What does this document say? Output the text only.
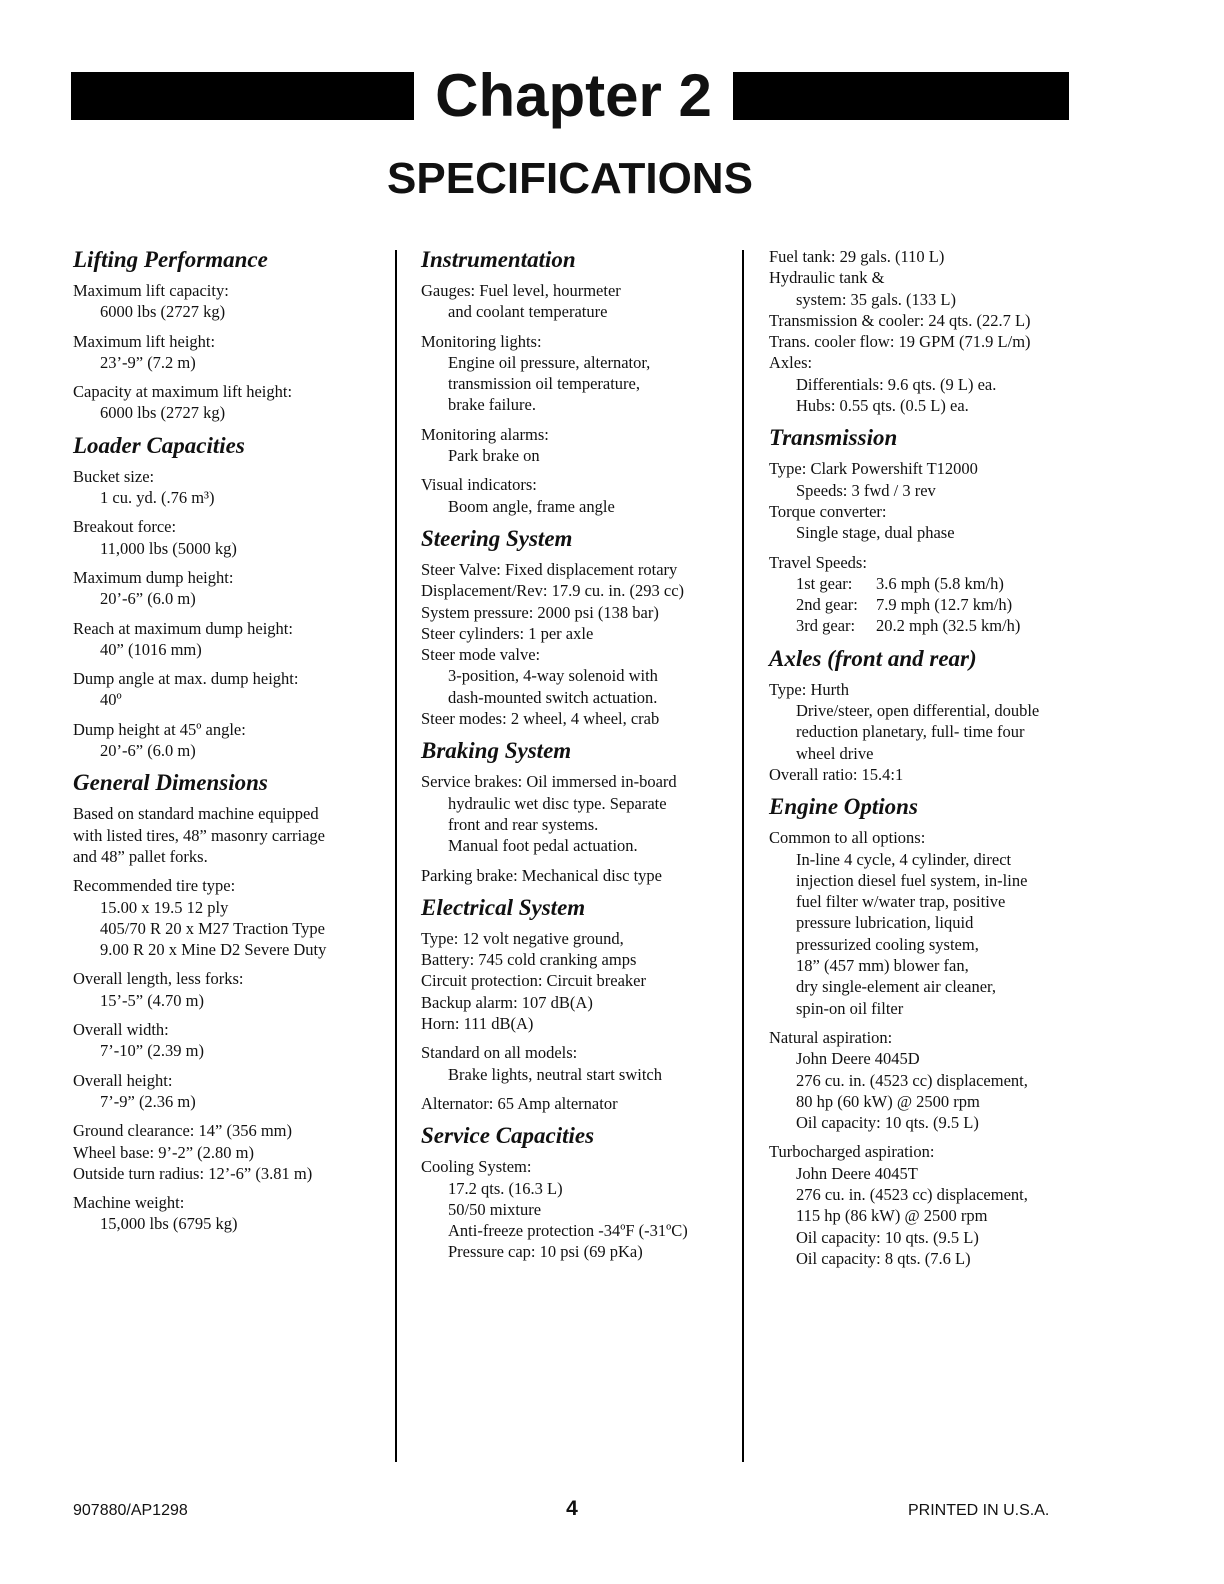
Chapter 2
SPECIFICATIONS
Lifting Performance
Maximum lift capacity:
6000 lbs (2727 kg)
Maximum lift height:
23’-9” (7.2 m)
Capacity at maximum lift height:
6000 lbs (2727 kg)
Loader Capacities
Bucket size:
1 cu. yd. (.76 m³)
Breakout force:
11,000 lbs (5000 kg)
Maximum dump height:
20’-6” (6.0 m)
Reach at maximum dump height:
40” (1016 mm)
Dump angle at max. dump height:
40º
Dump height at 45º angle:
20’-6” (6.0 m)
General Dimensions
Based on standard machine equipped
with listed tires, 48” masonry carriage
and 48” pallet forks.
Recommended tire type:
15.00 x 19.5 12 ply
405/70 R 20 x M27 Traction Type
9.00 R 20 x Mine D2 Severe Duty
Overall length, less forks:
15’-5” (4.70 m)
Overall width:
7’-10” (2.39 m)
Overall height:
7’-9” (2.36 m)
Ground clearance: 14” (356 mm)
Wheel base: 9’-2” (2.80 m)
Outside turn radius: 12’-6” (3.81 m)
Machine weight:
15,000 lbs (6795 kg)
Instrumentation
Gauges: Fuel level, hourmeter
and coolant temperature
Monitoring lights:
Engine oil pressure, alternator,
transmission oil temperature,
brake failure.
Monitoring alarms:
Park brake on
Visual indicators:
Boom angle, frame angle
Steering System
Steer Valve: Fixed displacement rotary
Displacement/Rev: 17.9 cu. in. (293 cc)
System pressure: 2000 psi (138 bar)
Steer cylinders: 1 per axle
Steer mode valve:
3-position, 4-way solenoid with
dash-mounted switch actuation.
Steer modes: 2 wheel, 4 wheel, crab
Braking System
Service brakes: Oil immersed in-board
hydraulic wet disc type. Separate
front and rear systems.
Manual foot pedal actuation.
Parking brake: Mechanical disc type
Electrical System
Type: 12 volt negative ground,
Battery: 745 cold cranking amps
Circuit protection: Circuit breaker
Backup alarm: 107 dB(A)
Horn: 111 dB(A)
Standard on all models:
Brake lights, neutral start switch
Alternator: 65 Amp alternator
Service Capacities
Cooling System:
17.2 qts. (16.3 L)
50/50 mixture
Anti-freeze protection -34ºF (-31ºC)
Pressure cap: 10 psi (69 pKa)
Fuel tank: 29 gals. (110 L)
Hydraulic tank &
system: 35 gals. (133 L)
Transmission & cooler: 24 qts. (22.7 L)
Trans. cooler flow: 19 GPM (71.9 L/m)
Axles:
Differentials: 9.6 qts. (9 L) ea.
Hubs: 0.55 qts. (0.5 L) ea.
Transmission
Type: Clark Powershift T12000
Speeds: 3 fwd / 3 rev
Torque converter:
Single stage, dual phase
Travel Speeds:
1st gear: 3.6 mph (5.8 km/h)
2nd gear: 7.9 mph (12.7 km/h)
3rd gear: 20.2 mph (32.5 km/h)
Axles (front and rear)
Type: Hurth
Drive/steer, open differential, double
reduction planetary, full- time four
wheel drive
Overall ratio: 15.4:1
Engine Options
Common to all options:
In-line 4 cycle, 4 cylinder, direct
injection diesel fuel system, in-line
fuel filter w/water trap, positive
pressure lubrication, liquid
pressurized cooling system,
18” (457 mm) blower fan,
dry single-element air cleaner,
spin-on oil filter
Natural aspiration:
John Deere 4045D
276 cu. in. (4523 cc) displacement,
80 hp (60 kW) @ 2500 rpm
Oil capacity: 10 qts. (9.5 L)
Turbocharged aspiration:
John Deere 4045T
276 cu. in. (4523 cc) displacement,
115 hp (86 kW) @ 2500 rpm
Oil capacity: 10 qts. (9.5 L)
Oil capacity: 8 qts. (7.6 L)
907880/AP1298	4	PRINTED IN U.S.A.
